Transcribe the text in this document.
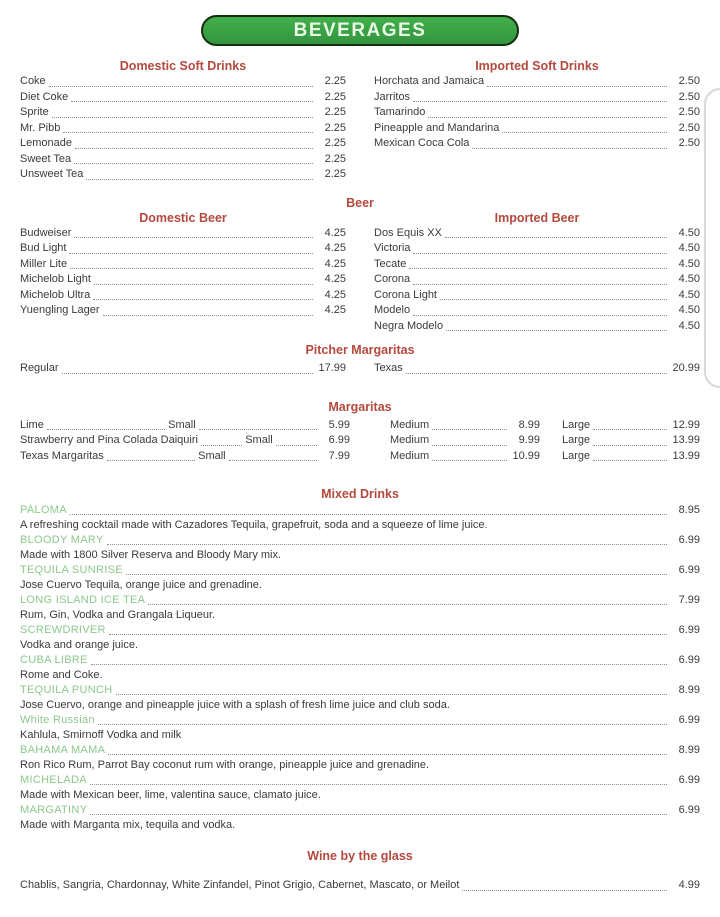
BEVERAGES
Domestic Soft Drinks
Coke	2.25
Diet Coke	2.25
Sprite	2.25
Mr. Pibb	2.25
Lemonade	2.25
Sweet Tea	2.25
Unsweet Tea	2.25
Imported Soft Drinks
Horchata and Jamaica	2.50
Jarritos	2.50
Tamarindo	2.50
Pineapple and Mandarina	2.50
Mexican Coca Cola	2.50
Beer
Domestic Beer
Budweiser	4.25
Bud Light	4.25
Miller Lite	4.25
Michelob Light	4.25
Michelob Ultra	4.25
Yuengling Lager	4.25
Imported Beer
Dos Equis XX	4.50
Victoria	4.50
Tecate	4.50
Corona	4.50
Corona Light	4.50
Modelo	4.50
Negra Modelo	4.50
Pitcher Margaritas
Regular	17.99	Texas	20.99
Margaritas
Lime	Small	5.99	Medium	8.99 Large	12.99
Strawberry and Pina Colada Daiquiri	Small	6.99	Medium	9.99 Large	13.99
Texas Margaritas	Small	7.99	Medium	10.99 Large	13.99
Mixed Drinks
PALOMA	8.95
A refreshing cocktail made with Cazadores Tequila, grapefruit, soda and a squeeze of lime juice.
BLOODY MARY	6.99
Made with 1800 Silver Reserva and Bloody Mary mix.
TEQUILA SUNRISE	6.99
Jose Cuervo Tequila, orange juice and grenadine.
LONG ISLAND ICE TEA	7.99
Rum, Gin, Vodka and Grangala Liqueur.
SCREWDRIVER	6.99
Vodka and orange juice.
CUBA LIBRE	6.99
Rome and Coke.
TEQUILA PUNCH	8.99
Jose Cuervo, orange and pineapple juice with a splash of fresh lime juice and club soda.
White Russian	6.99
Kahlula, Smirnoff Vodka and milk
BAHAMA MAMA	8.99
Ron Rico Rum, Parrot Bay coconut rum with orange, pineapple juice and grenadine.
MICHELADA	6.99
Made with Mexican beer, lime, valentina sauce, clamato juice.
MARGATINY	6.99
Made with Marganta mix, tequila and vodka.
Wine by the glass
Chablis, Sangria, Chardonnay, White Zinfandel, Pinot Grigio, Cabernet, Mascato, or Meilot	4.99
